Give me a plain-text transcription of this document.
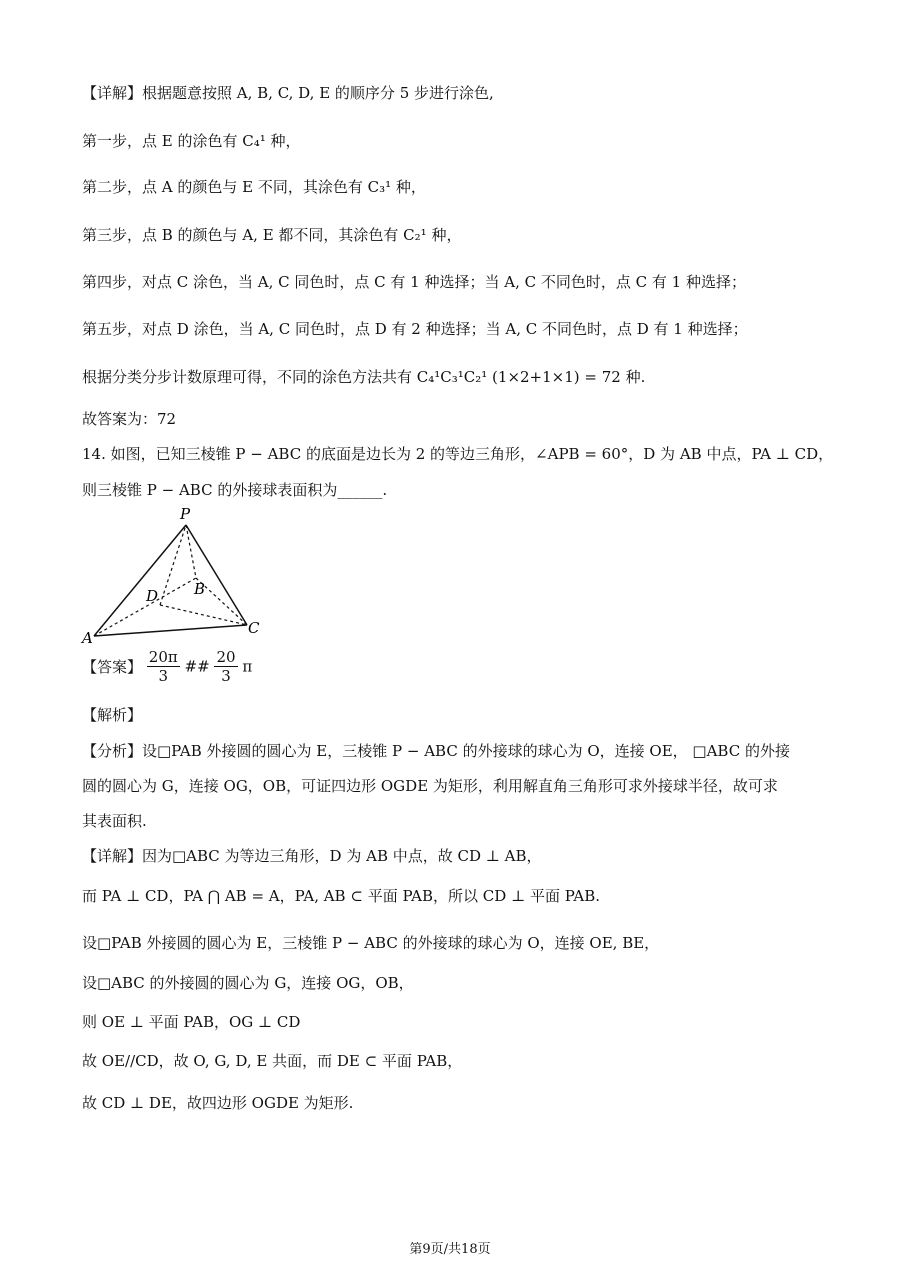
【详解】根据题意按照 A, B, C, D, E 的顺序分 5 步进行涂色,
第一步，点 E 的涂色有 C₄¹ 种，
第二步，点 A 的颜色与 E 不同，其涂色有 C₃¹ 种，
第三步，点 B 的颜色与 A, E 都不同，其涂色有 C₂¹ 种，
第四步，对点 C 涂色，当 A, C 同色时，点 C 有 1 种选择；当 A, C 不同色时，点 C 有 1 种选择；
第五步，对点 D 涂色，当 A, C 同色时，点 D 有 2 种选择；当 A, C 不同色时，点 D 有 1 种选择；
根据分类分步计数原理可得，不同的涂色方法共有 C₄¹C₃¹C₂¹ (1×2+1×1) = 72 种.
故答案为：72
14. 如图，已知三棱锥 P − ABC 的底面是边长为 2 的等边三角形，∠APB = 60°，D 为 AB 中点，PA ⊥ CD，
则三棱锥 P − ABC 的外接球表面积为______.
P
A
B
C
D
【答案】 $\frac{20\pi}{3}$ ## $\frac{20}{3}$ π
【解析】
【分析】设□PAB 外接圆的圆心为 E，三棱锥 P − ABC 的外接球的球心为 O，连接 OE， □ABC 的外接
圆的圆心为 G，连接 OG，OB，可证四边形 OGDE 为矩形，利用解直角三角形可求外接球半径，故可求
其表面积.
【详解】因为□ABC 为等边三角形，D 为 AB 中点，故 CD ⊥ AB，
而 PA ⊥ CD，PA ⋂ AB = A，PA, AB ⊂ 平面 PAB，所以 CD ⊥ 平面 PAB.
设□PAB 外接圆的圆心为 E，三棱锥 P − ABC 的外接球的球心为 O，连接 OE, BE，
设□ABC 的外接圆的圆心为 G，连接 OG，OB，
则 OE ⊥ 平面 PAB，OG ⊥ CD
故 OE//CD，故 O, G, D, E 共面，而 DE ⊂ 平面 PAB，
故 CD ⊥ DE，故四边形 OGDE 为矩形.
第9页/共18页
